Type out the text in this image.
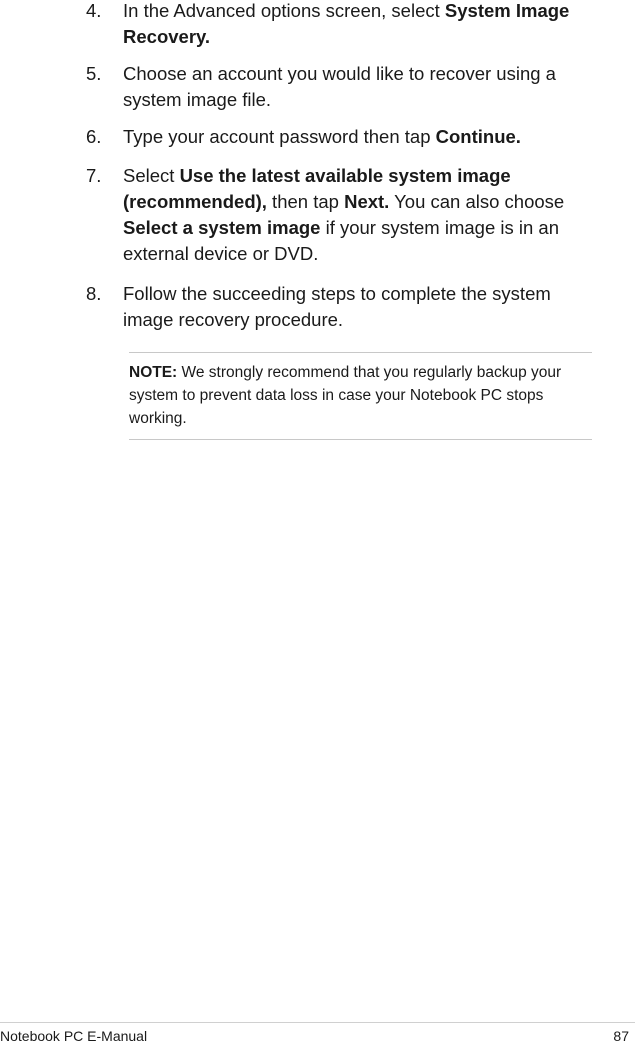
4.	In the Advanced options screen, select System Image Recovery.
5.	Choose an account you would like to recover using a system image file.
6.	Type your account password then tap Continue.
7.	Select Use the latest available system image (recommended), then tap Next. You can also choose Select a system image if your system image is in an external device or DVD.
8.	Follow the succeeding steps to complete the system image recovery procedure.
NOTE: We strongly recommend that you regularly backup your system to prevent data loss in case your Notebook PC stops working.
Notebook PC E-Manual	87
